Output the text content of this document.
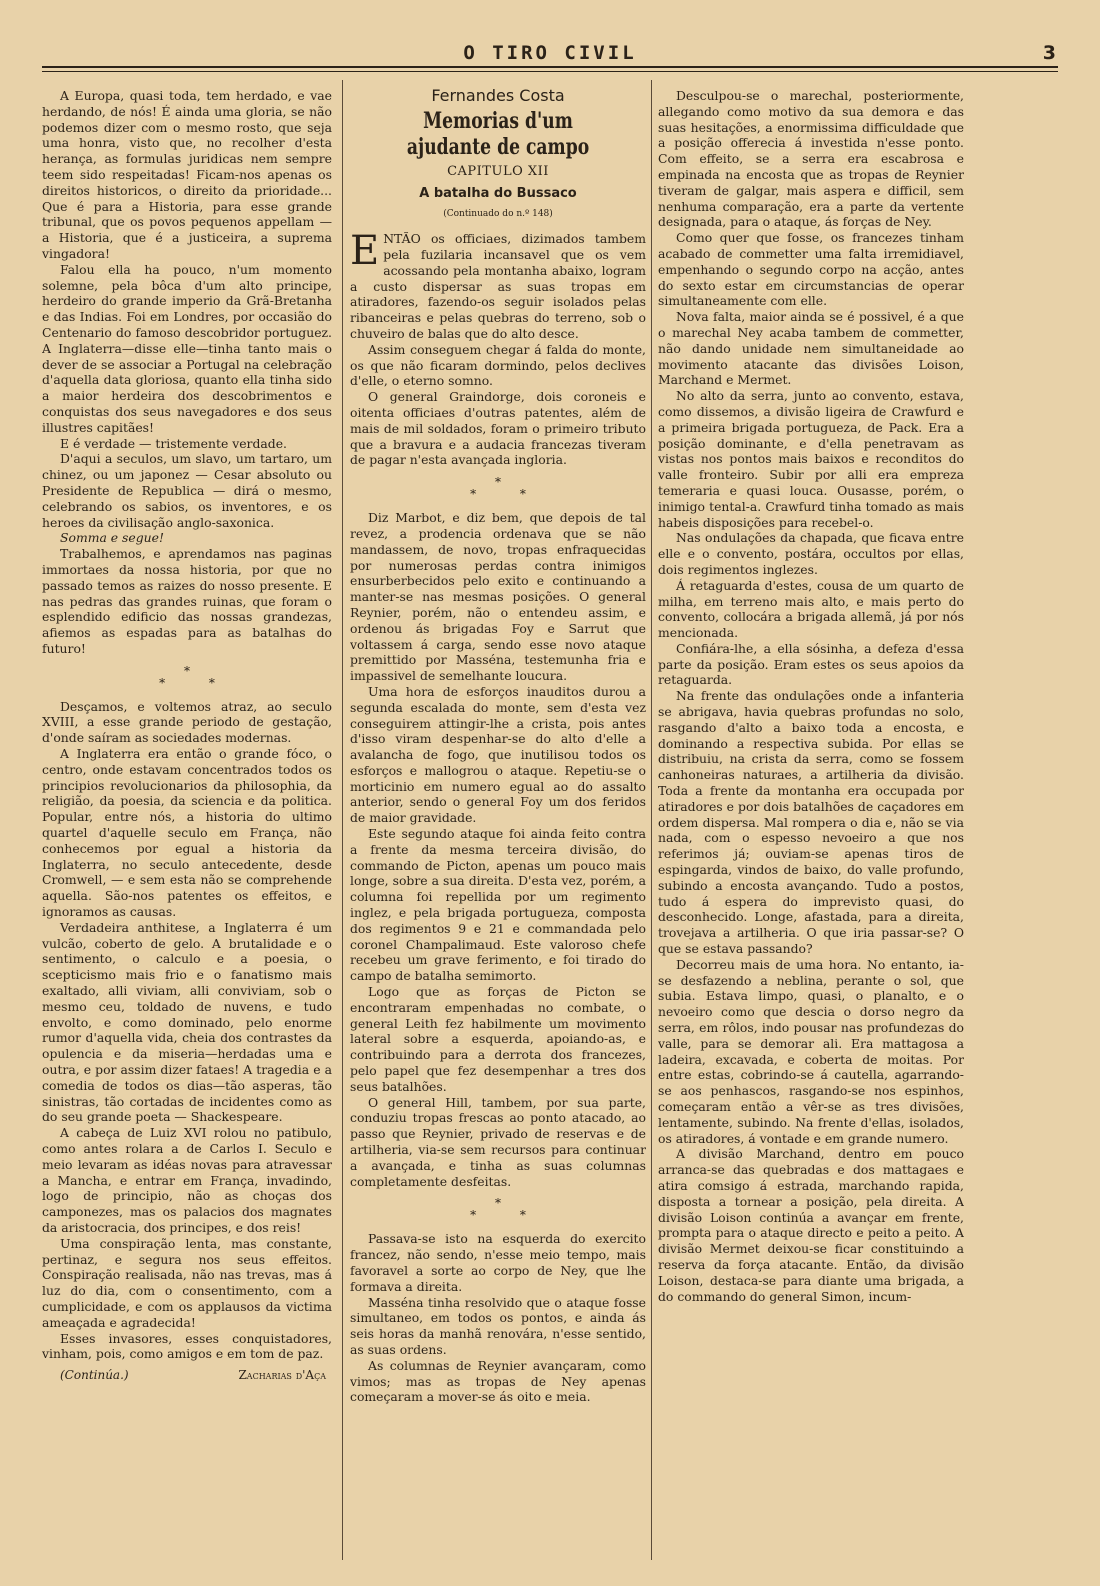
O TIRO CIVIL	3

A Europa, quasi toda, tem herdado, e vae herdando, de nós! É ainda uma gloria, se não podemos dizer com o mesmo rosto, que seja uma honra, visto que, no recolher d'esta herança, as formulas juridicas nem sempre teem sido respeitadas! Ficam-nos apenas os direitos historicos, o direito da prioridade... Que é para a Historia, para esse grande tribunal, que os povos pequenos appellam — a Historia, que é a justiceira, a suprema vingadora!

Falou ella ha pouco, n'um momento solemne, pela bôca d'um alto principe, herdeiro do grande imperio da Grã-Bretanha e das Indias. Foi em Londres, por occasião do Centenario do famoso descobridor portuguez. A Inglaterra—disse elle—tinha tanto mais o dever de se associar a Portugal na celebração d'aquella data gloriosa, quanto ella tinha sido a maior herdeira dos descobrimentos e conquistas dos seus navegadores e dos seus illustres capitães!

E é verdade — tristemente verdade.

D'aqui a seculos, um slavo, um tartaro, um chinez, ou um japonez — Cesar absoluto ou Presidente de Republica — dirá o mesmo, celebrando os sabios, os inventores, e os heroes da civilisação anglo-saxonica.

Somma e segue!

Trabalhemos, e aprendamos nas paginas immortaes da nossa historia, por que no passado temos as raizes do nosso presente. E nas pedras das grandes ruinas, que foram o esplendido edificio das nossas grandezas, afiemos as espadas para as batalhas do futuro!

*
* *

Desçamos, e voltemos atraz, ao seculo XVIII, a esse grande periodo de gestação, d'onde saíram as sociedades modernas.

A Inglaterra era então o grande fóco, o centro, onde estavam concentrados todos os principios revolucionarios da philosophia, da religião, da poesia, da sciencia e da politica. Popular, entre nós, a historia do ultimo quartel d'aquelle seculo em França, não conhecemos por egual a historia da Inglaterra, no seculo antecedente, desde Cromwell, — e sem esta não se comprehende aquella. São-nos patentes os effeitos, e ignoramos as causas.

Verdadeira anthitese, a Inglaterra é um vulcão, coberto de gelo. A brutalidade e o sentimento, o calculo e a poesia, o scepticismo mais frio e o fanatismo mais exaltado, alli viviam, alli conviviam, sob o mesmo ceu, toldado de nuvens, e tudo envolto, e como dominado, pelo enorme rumor d'aquella vida, cheia dos contrastes da opulencia e da miseria—herdadas uma e outra, e por assim dizer fataes! A tragedia e a comedia de todos os dias—tão asperas, tão sinistras, tão cortadas de incidentes como as do seu grande poeta — Shackespeare.

A cabeça de Luiz XVI rolou no patibulo, como antes rolara a de Carlos I. Seculo e meio levaram as idéas novas para atravessar a Mancha, e entrar em França, invadindo, logo de principio, não as choças dos camponezes, mas os palacios dos magnates da aristocracia, dos principes, e dos reis!

Uma conspiração lenta, mas constante, pertinaz, e segura nos seus effeitos. Conspiração realisada, não nas trevas, mas á luz do dia, com o consentimento, com a cumplicidade, e com os applausos da victima ameaçada e agradecida!

Esses invasores, esses conquistadores, vinham, pois, como amigos e em tom de paz.

(Continúa.)	Zacharias d'Aça
Fernandes Costa
Memorias d'um ajudante de campo
CAPITULO XII
A batalha do Bussaco
(Continuado do n.º 148)

ENTÃO os officiaes, dizimados tambem pela fuzilaria incansavel que os vem acossando pela montanha abaixo, logram a custo dispersar as suas tropas em atiradores, fazendo-os seguir isolados pelas ribanceiras e pelas quebras do terreno, sob o chuveiro de balas que do alto desce.

Assim conseguem chegar á falda do monte, os que não ficaram dormindo, pelos declives d'elle, o eterno somno.

O general Graindorge, dois coroneis e oitenta officiaes d'outras patentes, além de mais de mil soldados, foram o primeiro tributo que a bravura e a audacia francezas tiveram de pagar n'esta avançada ingloria.

*
* *

Diz Marbot, e diz bem, que depois de tal revez, a prodencia ordenava que se não mandassem, de novo, tropas enfraquecidas por numerosas perdas contra inimigos ensurberbecidos pelo exito e continuando a manter-se nas mesmas posições. O general Reynier, porém, não o entendeu assim, e ordenou ás brigadas Foy e Sarrut que voltassem á carga, sendo esse novo ataque premittido por Masséna, testemunha fria e impassivel de semelhante loucura.

Uma hora de esforços inauditos durou a segunda escalada do monte, sem d'esta vez conseguirem attingir-lhe a crista, pois antes d'isso viram despenhar-se do alto d'elle a avalancha de fogo, que inutilisou todos os esforços e mallogrou o ataque. Repetiu-se o morticinio em numero egual ao do assalto anterior, sendo o general Foy um dos feridos de maior gravidade.

Este segundo ataque foi ainda feito contra a frente da mesma terceira divisão, do commando de Picton, apenas um pouco mais longe, sobre a sua direita. D'esta vez, porém, a columna foi repellida por um regimento inglez, e pela brigada portugueza, composta dos regimentos 9 e 21 e commandada pelo coronel Champalimaud. Este valoroso chefe recebeu um grave ferimento, e foi tirado do campo de batalha semimorto.

Logo que as forças de Picton se encontraram empenhadas no combate, o general Leith fez habilmente um movimento lateral sobre a esquerda, apoiando-as, e contribuindo para a derrota dos francezes, pelo papel que fez desempenhar a tres dos seus batalhões.

O general Hill, tambem, por sua parte, conduziu tropas frescas ao ponto atacado, ao passo que Reynier, privado de reservas e de artilheria, via-se sem recursos para continuar a avançada, e tinha as suas columnas completamente desfeitas.

*
* *

Passava-se isto na esquerda do exercito francez, não sendo, n'esse meio tempo, mais favoravel a sorte ao corpo de Ney, que lhe formava a direita.

Masséna tinha resolvido que o ataque fosse simultaneo, em todos os pontos, e ainda ás seis horas da manhã renovára, n'esse sentido, as suas ordens.

As columnas de Reynier avançaram, como vimos; mas as tropas de Ney apenas começaram a mover-se ás oito e meia.

Desculpou-se o marechal, posteriormente, allegando como motivo da sua demora e das suas hesitações, a enormissima difficuldade que a posição offerecia á investida n'esse ponto. Com effeito, se a serra era escabrosa e empinada na encosta que as tropas de Reynier tiveram de galgar, mais aspera e difficil, sem nenhuma comparação, era a parte da vertente designada, para o ataque, ás forças de Ney.

Como quer que fosse, os francezes tinham acabado de commetter uma falta irremidiavel, empenhando o segundo corpo na acção, antes do sexto estar em circumstancias de operar simultaneamente com elle.

Nova falta, maior ainda se é possivel, é a que o marechal Ney acaba tambem de commetter, não dando unidade nem simultaneidade ao movimento atacante das divisões Loison, Marchand e Mermet.

No alto da serra, junto ao convento, estava, como dissemos, a divisão ligeira de Crawfurd e a primeira brigada portugueza, de Pack. Era a posição dominante, e d'ella penetravam as vistas nos pontos mais baixos e reconditos do valle fronteiro. Subir por alli era empreza temeraria e quasi louca. Ousasse, porém, o inimigo tental-a. Crawfurd tinha tomado as mais habeis disposições para recebel-o.

Nas ondulações da chapada, que ficava entre elle e o convento, postára, occultos por ellas, dois regimentos inglezes.

Á retaguarda d'estes, cousa de um quarto de milha, em terreno mais alto, e mais perto do convento, collocára a brigada allemã, já por nós mencionada.

Confiára-lhe, a ella sósinha, a defeza d'essa parte da posição. Eram estes os seus apoios da retaguarda.

Na frente das ondulações onde a infanteria se abrigava, havia quebras profundas no solo, rasgando d'alto a baixo toda a encosta, e dominando a respectiva subida. Por ellas se distribuiu, na crista da serra, como se fossem canhoneiras naturaes, a artilheria da divisão. Toda a frente da montanha era occupada por atiradores e por dois batalhões de caçadores em ordem dispersa. Mal rompera o dia e, não se via nada, com o espesso nevoeiro a que nos referimos já; ouviam-se apenas tiros de espingarda, vindos de baixo, do valle profundo, subindo a encosta avançando. Tudo a postos, tudo á espera do imprevisto quasi, do desconhecido. Longe, afastada, para a direita, trovejava a artilheria. O que iria passar-se? O que se estava passando?

Decorreu mais de uma hora. No entanto, ia-se desfazendo a neblina, perante o sol, que subia. Estava limpo, quasi, o planalto, e o nevoeiro como que descia o dorso negro da serra, em rôlos, indo pousar nas profundezas do valle, para se demorar ali. Era mattagosa a ladeira, excavada, e coberta de moitas. Por entre estas, cobrindo-se á cautella, agarrando-se aos penhascos, rasgando-se nos espinhos, começaram então a vêr-se as tres divisões, lentamente, subindo. Na frente d'ellas, isolados, os atiradores, á vontade e em grande numero.

A divisão Marchand, dentro em pouco arranca-se das quebradas e dos mattagaes e atira comsigo á estrada, marchando rapida, disposta a tornear a posição, pela direita. A divisão Loison continúa a avançar em frente, prompta para o ataque directo e peito a peito. A divisão Mermet deixou-se ficar constituindo a reserva da força atacante. Então, da divisão Loison, destaca-se para diante uma brigada, a do commando do general Simon, incum-
